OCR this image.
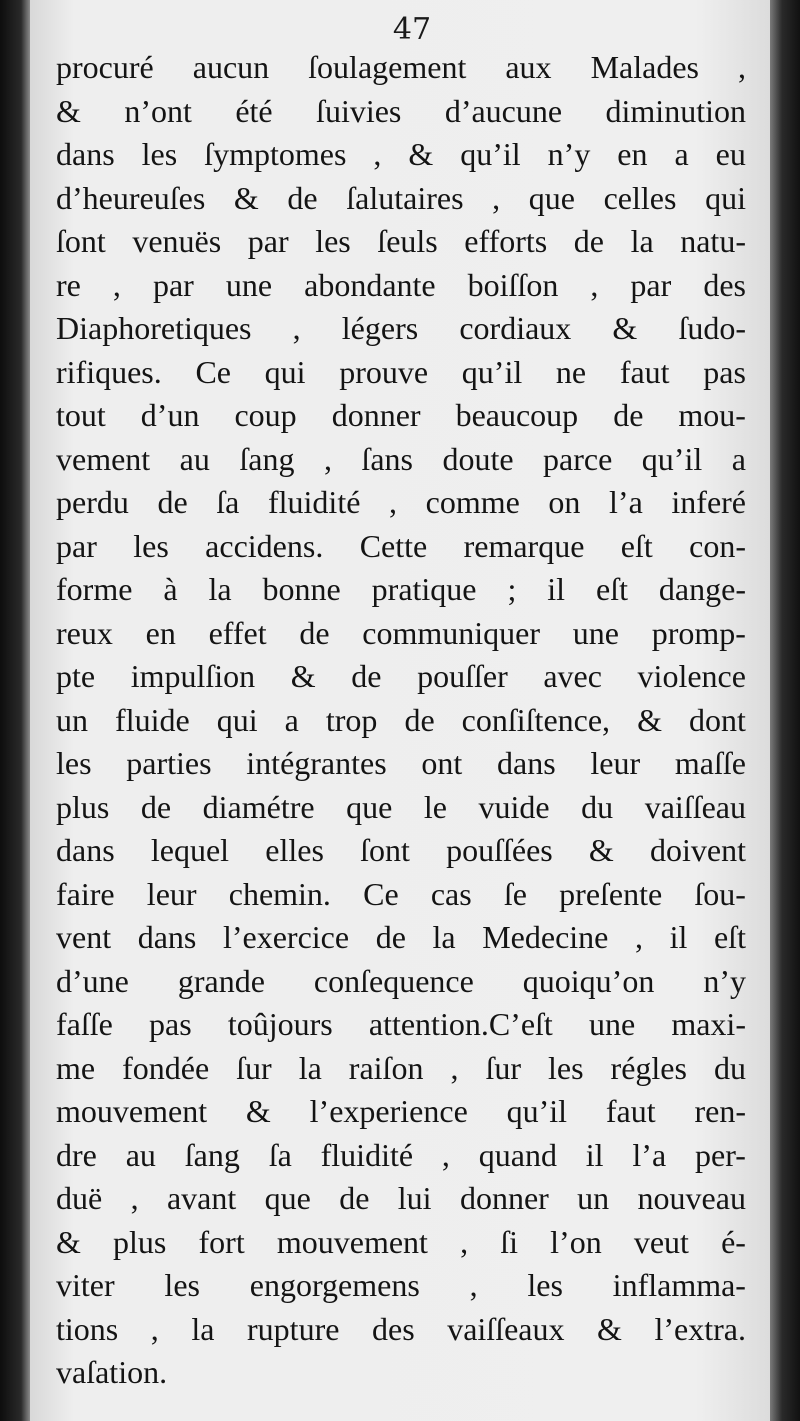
47
procuré aucun ſoulagement aux Malades ,
& n’ont été ſuivies d’aucune diminution
dans les ſymptomes , & qu’il n’y en a eu
d’heureuſes & de ſalutaires , que celles qui
ſont venuës par les ſeuls efforts de la natu-
re , par une abondante boiſſon , par des
Diaphoretiques , légers cordiaux & ſudo-
rifiques. Ce qui prouve qu’il ne faut pas
tout d’un coup donner beaucoup de mou-
vement au ſang , ſans doute parce qu’il a
perdu de ſa fluidité , comme on l’a inferé
par les accidens. Cette remarque eſt con-
forme à la bonne pratique ; il eſt dange-
reux en effet de communiquer une promp-
pte impulſion & de pouſſer avec violence
un fluide qui a trop de conſiſtence, & dont
les parties intégrantes ont dans leur maſſe
plus de diamétre que le vuide du vaiſſeau
dans lequel elles ſont pouſſées & doivent
faire leur chemin. Ce cas ſe preſente ſou-
vent dans l’exercice de la Medecine , il eſt
d’une grande conſequence quoiqu’on n’y
faſſe pas toûjours attention.C’eſt une maxi-
me fondée ſur la raiſon , ſur les régles du
mouvement & l’experience qu’il faut ren-
dre au ſang ſa fluidité , quand il l’a per-
duë , avant que de lui donner un nouveau
& plus fort mouvement , ſi l’on veut é-
viter les engorgemens , les inflamma-
tions , la rupture des vaiſſeaux & l’extra.
vaſation.
